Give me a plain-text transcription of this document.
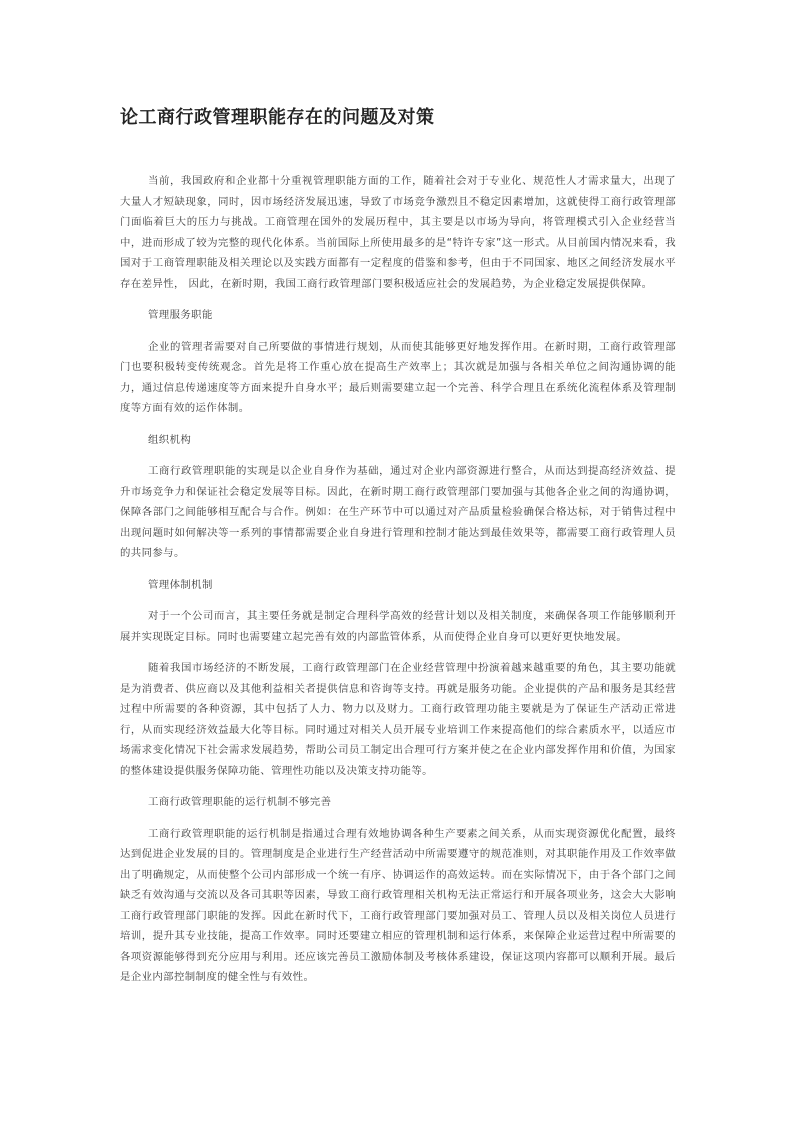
论工商行政管理职能存在的问题及对策

当前，我国政府和企业都十分重视管理职能方面的工作，随着社会对于专业化、规范性人才需求量大，出现了大量人才短缺现象，同时，因市场经济发展迅速，导致了市场竞争激烈且不稳定因素增加，这就使得工商行政管理部门面临着巨大的压力与挑战。工商管理在国外的发展历程中，其主要是以市场为导向，将管理模式引入企业经营当中，进而形成了较为完整的现代化体系。当前国际上所使用最多的是“特许专家”这一形式。从目前国内情况来看，我国对于工商管理职能及相关理论以及实践方面都有一定程度的借鉴和参考，但由于不同国家、地区之间经济发展水平存在差异性， 因此，在新时期，我国工商行政管理部门要积极适应社会的发展趋势，为企业稳定发展提供保障。

管理服务职能

企业的管理者需要对自己所要做的事情进行规划，从而使其能够更好地发挥作用。在新时期，工商行政管理部门也要积极转变传统观念。首先是将工作重心放在提高生产效率上；其次就是加强与各相关单位之间沟通协调的能力，通过信息传递速度等方面来提升自身水平；最后则需要建立起一个完善、科学合理且在系统化流程体系及管理制度等方面有效的运作体制。

组织机构

工商行政管理职能的实现是以企业自身作为基础，通过对企业内部资源进行整合，从而达到提高经济效益、提升市场竞争力和保证社会稳定发展等目标。因此，在新时期工商行政管理部门要加强与其他各企业之间的沟通协调，保障各部门之间能够相互配合与合作。例如：在生产环节中可以通过对产品质量检验确保合格达标，对于销售过程中出现问题时如何解决等一系列的事情都需要企业自身进行管理和控制才能达到最佳效果等，都需要工商行政管理人员的共同参与。

管理体制机制

对于一个公司而言，其主要任务就是制定合理科学高效的经营计划以及相关制度，来确保各项工作能够顺利开展并实现既定目标。同时也需要建立起完善有效的内部监管体系，从而使得企业自身可以更好更快地发展。

随着我国市场经济的不断发展，工商行政管理部门在企业经营管理中扮演着越来越重要的角色，其主要功能就是为消费者、供应商以及其他利益相关者提供信息和咨询等支持。再就是服务功能。企业提供的产品和服务是其经营过程中所需要的各种资源，其中包括了人力、物力以及财力。工商行政管理功能主要就是为了保证生产活动正常进行，从而实现经济效益最大化等目标。同时通过对相关人员开展专业培训工作来提高他们的综合素质水平，以适应市场需求变化情况下社会需求发展趋势，帮助公司员工制定出合理可行方案并使之在企业内部发挥作用和价值，为国家的整体建设提供服务保障功能、管理性功能以及决策支持功能等。

工商行政管理职能的运行机制不够完善

工商行政管理职能的运行机制是指通过合理有效地协调各种生产要素之间关系，从而实现资源优化配置，最终达到促进企业发展的目的。管理制度是企业进行生产经营活动中所需要遵守的规范准则，对其职能作用及工作效率做出了明确规定，从而使整个公司内部形成一个统一有序、协调运作的高效运转。而在实际情况下，由于各个部门之间缺乏有效沟通与交流以及各司其职等因素，导致工商行政管理相关机构无法正常运行和开展各项业务，这会大大影响工商行政管理部门职能的发挥。因此在新时代下，工商行政管理部门要加强对员工、管理人员以及相关岗位人员进行培训，提升其专业技能，提高工作效率。同时还要建立相应的管理机制和运行体系，来保障企业运营过程中所需要的各项资源能够得到充分应用与利用。还应该完善员工激励体制及考核体系建设，保证这项内容都可以顺利开展。最后是企业内部控制制度的健全性与有效性。
